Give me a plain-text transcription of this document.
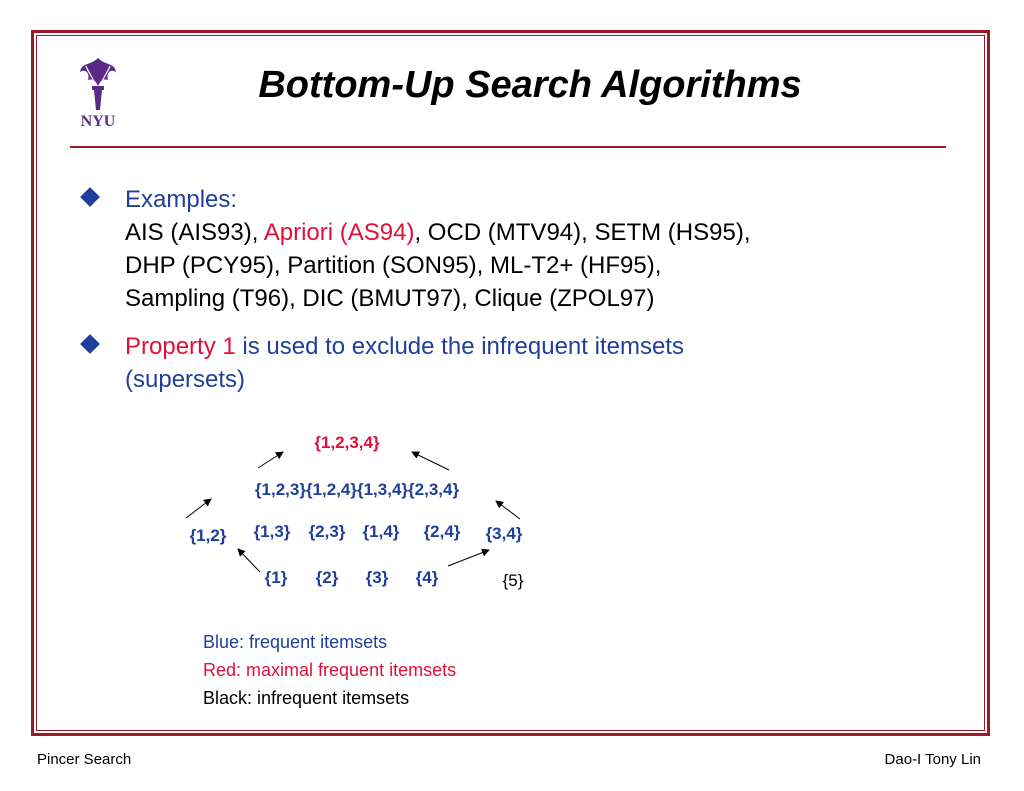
NYU
Bottom-Up Search Algorithms
Examples:
AIS (AIS93), Apriori (AS94), OCD (MTV94), SETM (HS95),
DHP (PCY95), Partition (SON95), ML-T2+ (HF95),
Sampling (T96), DIC (BMUT97), Clique (ZPOL97)
Property 1 is used to exclude the infrequent itemsets
(supersets)
{1,2,3,4}
{1,2,3}{1,2,4}{1,3,4}{2,3,4}
{1,2} {1,3} {2,3} {1,4} {2,4} {3,4}
{1} {2} {3} {4}	{5}
Blue: frequent itemsets
Red: maximal frequent itemsets
Black: infrequent itemsets
Pincer Search	Dao-I Tony Lin
